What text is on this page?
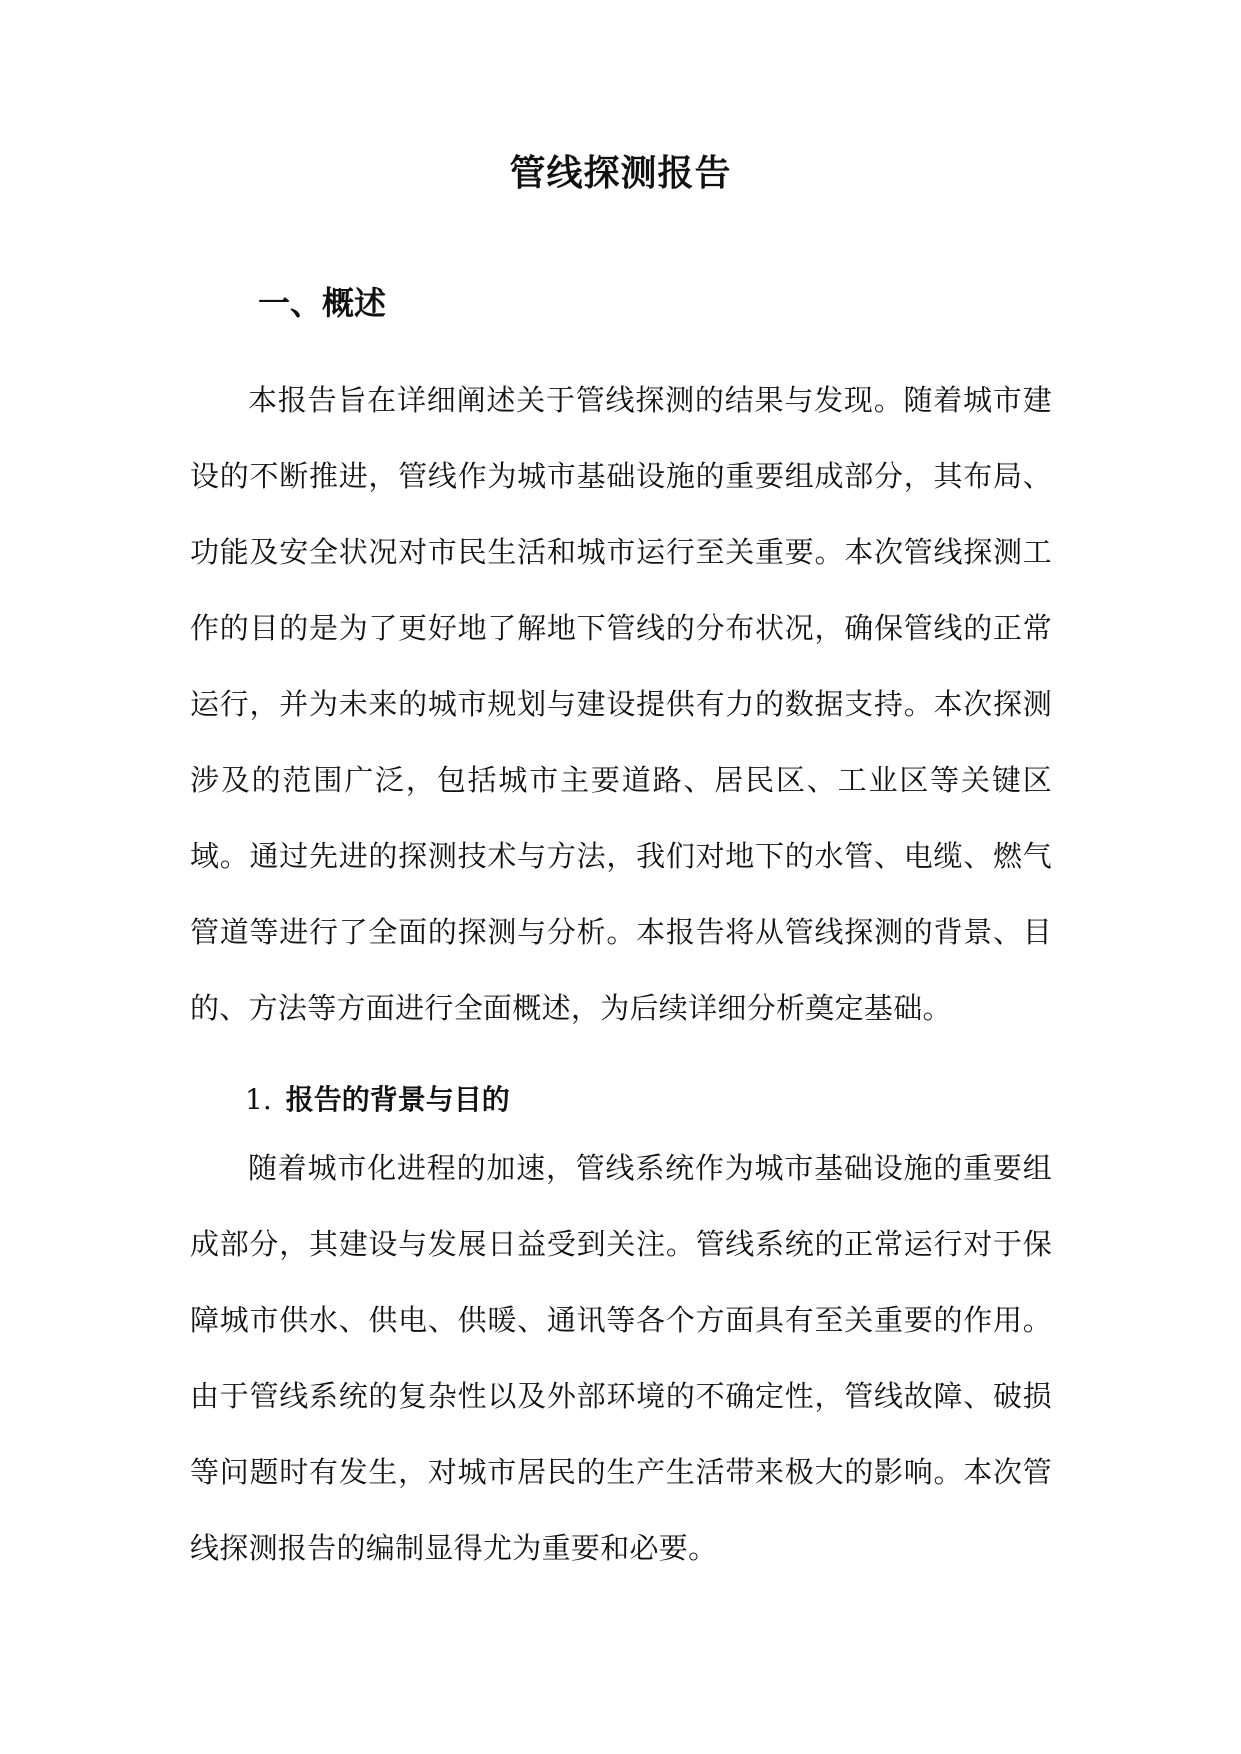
管线探测报告
一、概述

本报告旨在详细阐述关于管线探测的结果与发现。随着城市建设的不断推进，管线作为城市基础设施的重要组成部分，其布局、功能及安全状况对市民生活和城市运行至关重要。本次管线探测工作的目的是为了更好地了解地下管线的分布状况，确保管线的正常运行，并为未来的城市规划与建设提供有力的数据支持。本次探测涉及的范围广泛，包括城市主要道路、居民区、工业区等关键区域。通过先进的探测技术与方法，我们对地下的水管、电缆、燃气管道等进行了全面的探测与分析。本报告将从管线探测的背景、目的、方法等方面进行全面概述，为后续详细分析奠定基础。

1. 报告的背景与目的

随着城市化进程的加速，管线系统作为城市基础设施的重要组成部分，其建设与发展日益受到关注。管线系统的正常运行对于保障城市供水、供电、供暖、通讯等各个方面具有至关重要的作用。由于管线系统的复杂性以及外部环境的不确定性，管线故障、破损等问题时有发生，对城市居民的生产生活带来极大的影响。本次管线探测报告的编制显得尤为重要和必要。
